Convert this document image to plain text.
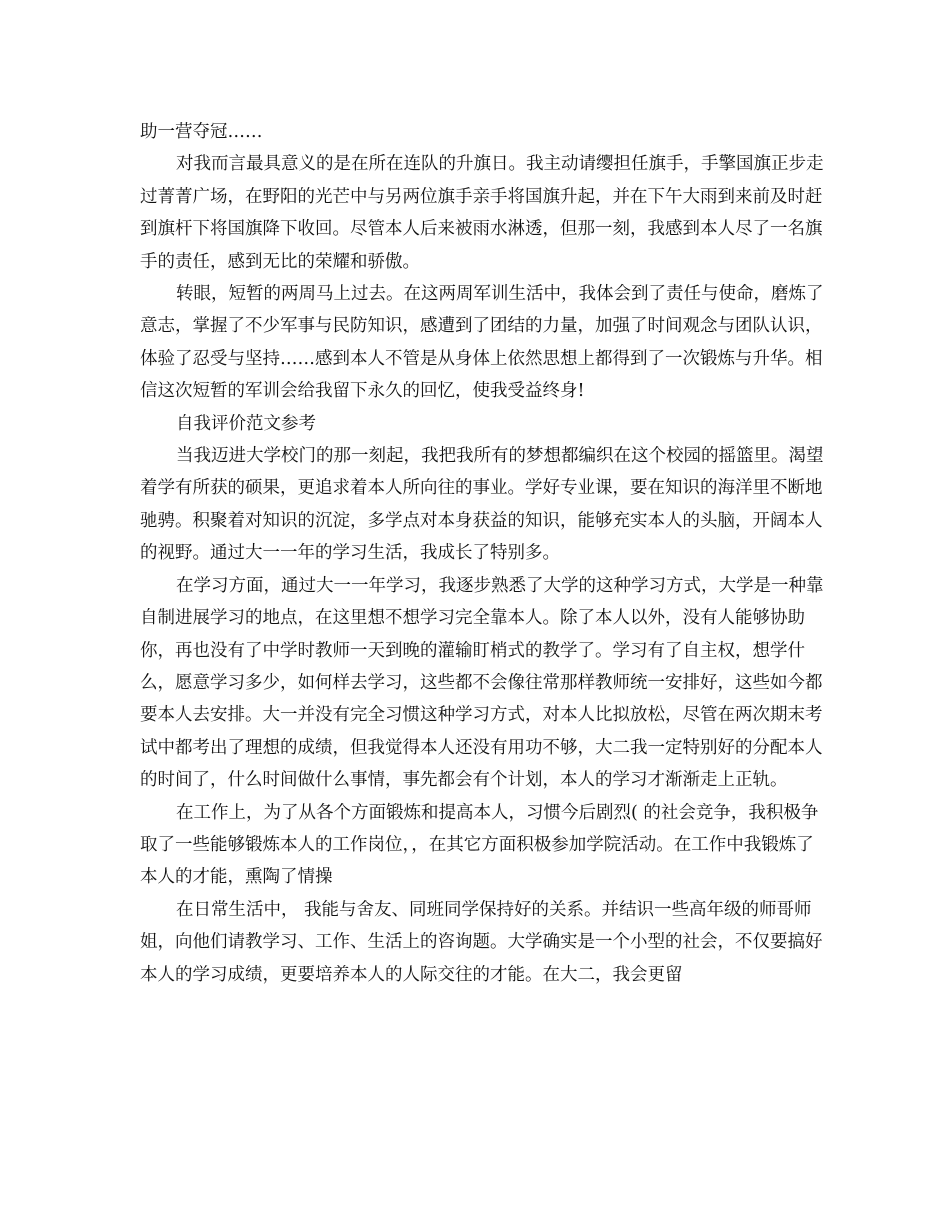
助一营夺冠……

对我而言最具意义的是在所在连队的升旗日。我主动请缨担任旗手，手擎国旗正步走过菁菁广场，在野阳的光芒中与另两位旗手亲手将国旗升起，并在下午大雨到来前及时赶到旗杆下将国旗降下收回。尽管本人后来被雨水淋透，但那一刻，我感到本人尽了一名旗手的责任，感到无比的荣耀和骄傲。

转眼，短暂的两周马上过去。在这两周军训生活中，我体会到了责任与使命，磨炼了意志，掌握了不少军事与民防知识，感遭到了团结的力量，加强了时间观念与团队认识，体验了忍受与坚持……感到本人不管是从身体上依然思想上都得到了一次锻炼与升华。相信这次短暂的军训会给我留下永久的回忆，使我受益终身!

自我评价范文参考

当我迈进大学校门的那一刻起，我把我所有的梦想都编织在这个校园的摇篮里。渴望着学有所获的硕果，更追求着本人所向往的事业。学好专业课，要在知识的海洋里不断地驰骋。积聚着对知识的沉淀，多学点对本身获益的知识，能够充实本人的头脑，开阔本人的视野。通过大一一年的学习生活，我成长了特别多。

在学习方面，通过大一一年学习，我逐步熟悉了大学的这种学习方式，大学是一种靠自制进展学习的地点，在这里想不想学习完全靠本人。除了本人以外，没有人能够协助你，再也没有了中学时教师一天到晚的灌输盯梢式的教学了。学习有了自主权，想学什么，愿意学习多少，如何样去学习，这些都不会像往常那样教师统一安排好，这些如今都要本人去安排。大一并没有完全习惯这种学习方式，对本人比拟放松，尽管在两次期末考试中都考出了理想的成绩，但我觉得本人还没有用功不够，大二我一定特别好的分配本人的时间了，什么时间做什么事情，事先都会有个计划，本人的学习才渐渐走上正轨。

在工作上，为了从各个方面锻炼和提高本人，习惯今后剧烈( 的社会竞争，我积极争取了一些能够锻炼本人的工作岗位，，在其它方面积极参加学院活动。在工作中我锻炼了本人的才能，熏陶了情操

在日常生活中， 我能与舍友、同班同学保持好的关系。并结识一些高年级的师哥师姐，向他们请教学习、工作、生活上的咨询题。大学确实是一个小型的社会，不仅要搞好本人的学习成绩，更要培养本人的人际交往的才能。在大二，我会更留
